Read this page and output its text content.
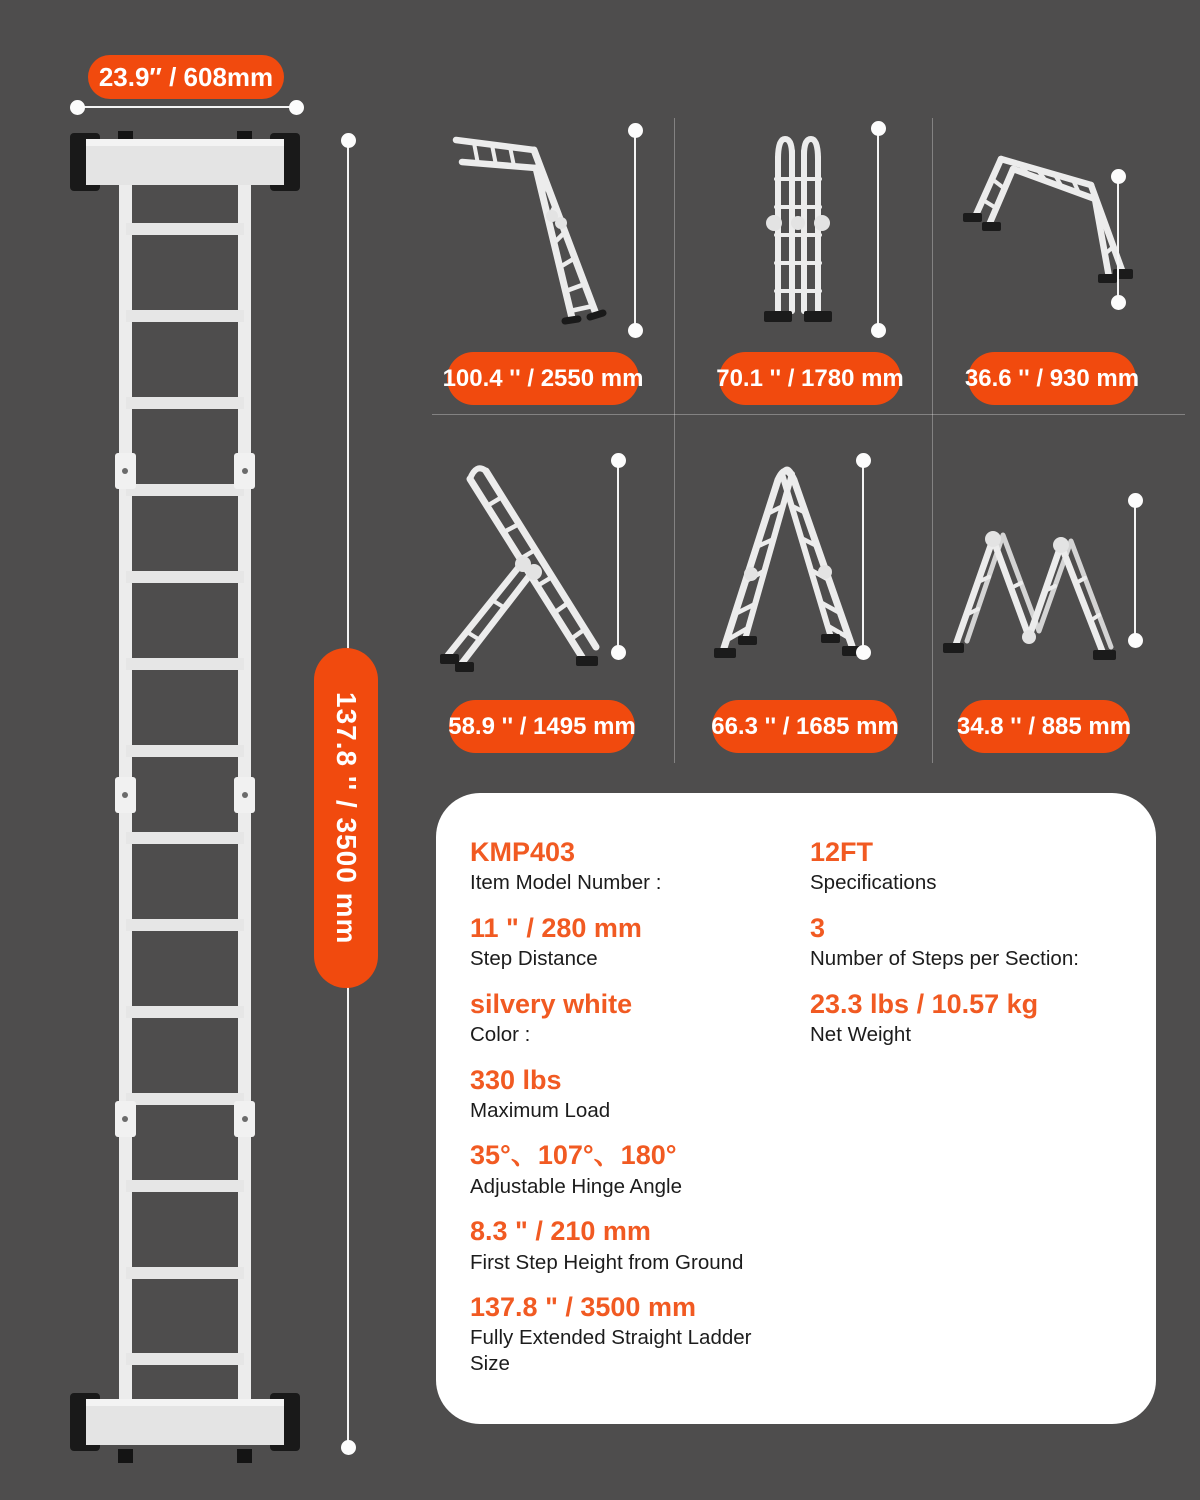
23.9″ / 608mm
137.8 '' / 3500 mm
100.4 '' / 2550 mm	70.1 '' / 1780 mm	36.6 '' / 930 mm
58.9 '' / 1495 mm	66.3 '' / 1685 mm 34.8 '' / 885 mm
KMP403
Item Model Number :
11 " / 280 mm
Step Distance
silvery white
Color :
330 lbs
Maximum Load
35°、107°、180°
Adjustable Hinge Angle
8.3 " / 210 mm
First Step Height from Ground
137.8 " / 3500 mm
Fully Extended Straight Ladder Size
12FT
Specifications
3
Number of Steps per Section:
23.3 lbs / 10.57 kg
Net Weight
